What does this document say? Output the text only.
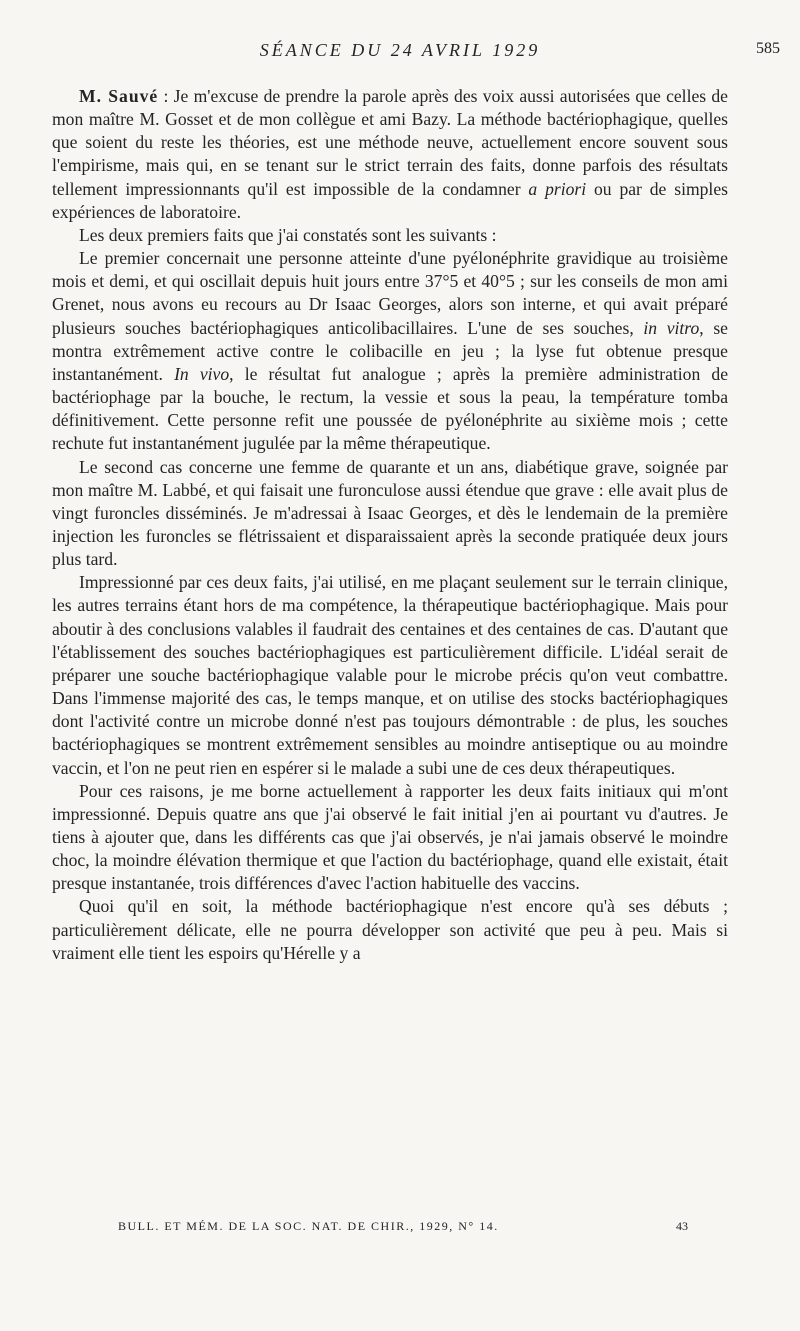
SÉANCE DU 24 AVRIL 1929	585

M. Sauvé : Je m'excuse de prendre la parole après des voix aussi autorisées que celles de mon maître M. Gosset et de mon collègue et ami Bazy. La méthode bactériophagique, quelles que soient du reste les théories, est une méthode neuve, actuellement encore souvent sous l'empirisme, mais qui, en se tenant sur le strict terrain des faits, donne parfois des résultats tellement impressionnants qu'il est impossible de la condamner a priori ou par de simples expériences de laboratoire.

Les deux premiers faits que j'ai constatés sont les suivants :

Le premier concernait une personne atteinte d'une pyélonéphrite gravidique au troisième mois et demi, et qui oscillait depuis huit jours entre 37°5 et 40°5 ; sur les conseils de mon ami Grenet, nous avons eu recours au Dr Isaac Georges, alors son interne, et qui avait préparé plusieurs souches bactériophagiques anticolibacillaires. L'une de ses souches, in vitro, se montra extrêmement active contre le colibacille en jeu ; la lyse fut obtenue presque instantanément. In vivo, le résultat fut analogue ; après la première administration de bactériophage par la bouche, le rectum, la vessie et sous la peau, la température tomba définitivement. Cette personne refit une poussée de pyélonéphrite au sixième mois ; cette rechute fut instantanément jugulée par la même thérapeutique.

Le second cas concerne une femme de quarante et un ans, diabétique grave, soignée par mon maître M. Labbé, et qui faisait une furonculose aussi étendue que grave : elle avait plus de vingt furoncles disséminés. Je m'adressai à Isaac Georges, et dès le lendemain de la première injection les furoncles se flétrissaient et disparaissaient après la seconde pratiquée deux jours plus tard.

Impressionné par ces deux faits, j'ai utilisé, en me plaçant seulement sur le terrain clinique, les autres terrains étant hors de ma compétence, la thérapeutique bactériophagique. Mais pour aboutir à des conclusions valables il faudrait des centaines et des centaines de cas. D'autant que l'établissement des souches bactériophagiques est particulièrement difficile. L'idéal serait de préparer une souche bactériophagique valable pour le microbe précis qu'on veut combattre. Dans l'immense majorité des cas, le temps manque, et on utilise des stocks bactériophagiques dont l'activité contre un microbe donné n'est pas toujours démontrable : de plus, les souches bactériophagiques se montrent extrêmement sensibles au moindre antiseptique ou au moindre vaccin, et l'on ne peut rien en espérer si le malade a subi une de ces deux thérapeutiques.

Pour ces raisons, je me borne actuellement à rapporter les deux faits initiaux qui m'ont impressionné. Depuis quatre ans que j'ai observé le fait initial j'en ai pourtant vu d'autres. Je tiens à ajouter que, dans les différents cas que j'ai observés, je n'ai jamais observé le moindre choc, la moindre élévation thermique et que l'action du bactériophage, quand elle existait, était presque instantanée, trois différences d'avec l'action habituelle des vaccins.

Quoi qu'il en soit, la méthode bactériophagique n'est encore qu'à ses débuts ; particulièrement délicate, elle ne pourra développer son activité que peu à peu. Mais si vraiment elle tient les espoirs qu'Hérelle y a

BULL. ET MÉM. DE LA SOC. NAT. DE CHIR., 1929, N° 14.	43
